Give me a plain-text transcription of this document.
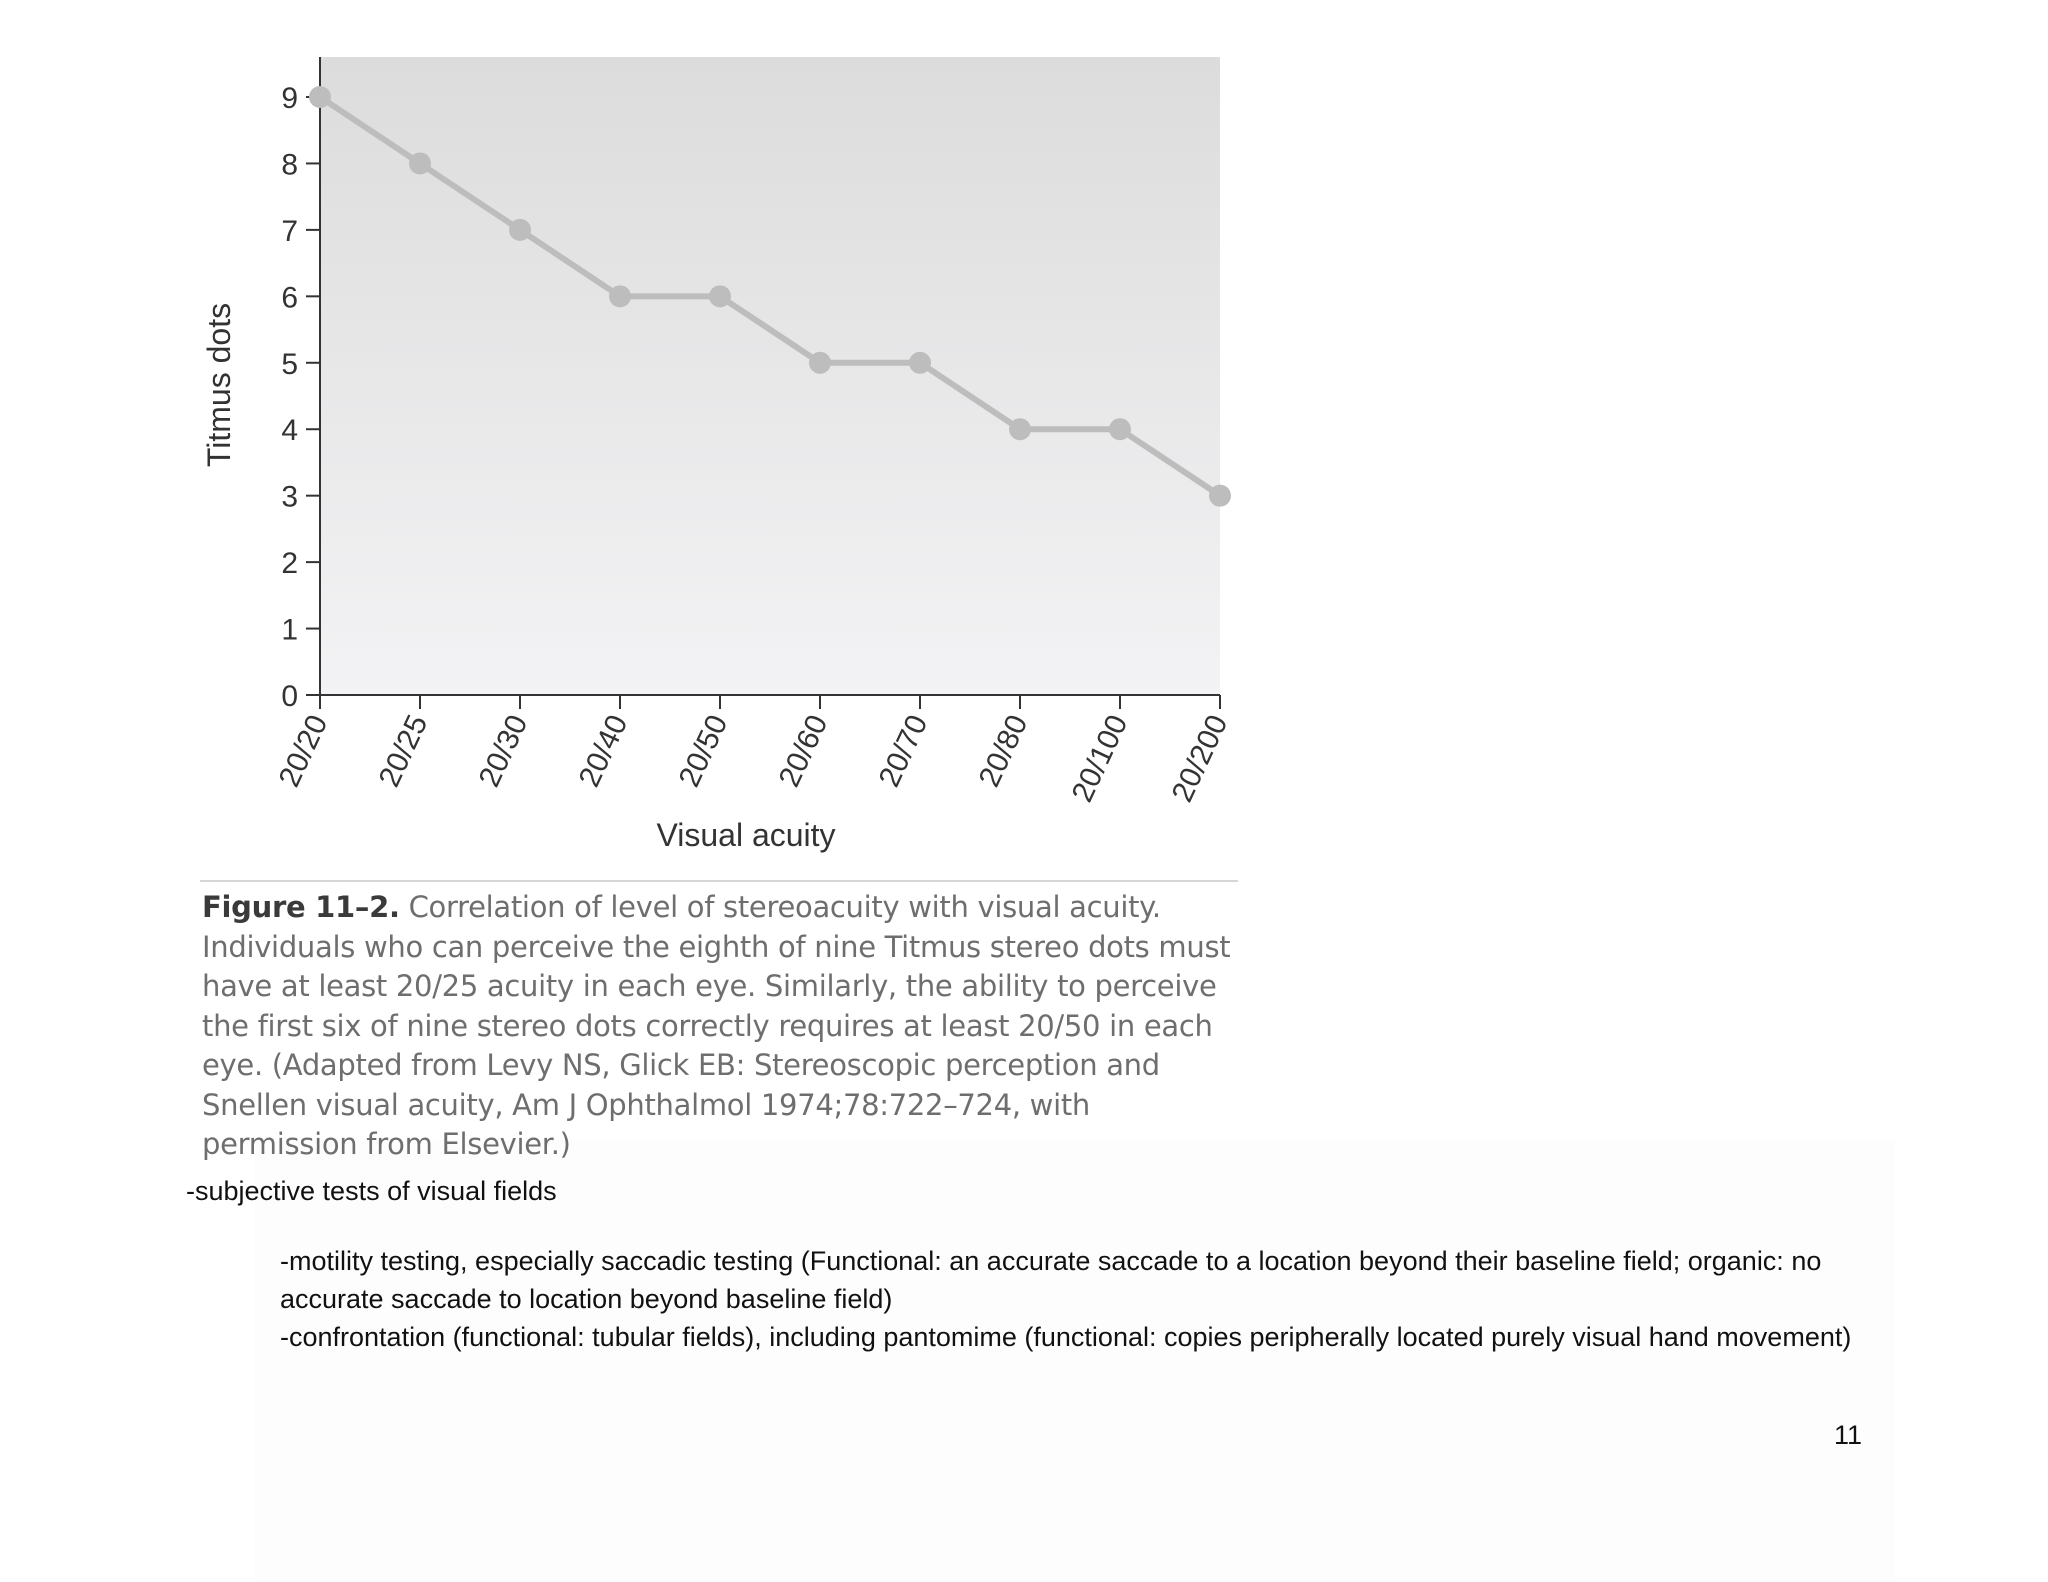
0
1
2
3
4
5
6
7
8
9
20/20 20/25 20/30 20/40 20/50 20/60 20/70 20/80 20/100 20/200
Titmus dots
Visual acuity
Figure 11–2. Correlation of level of stereoacuity with visual acuity. Individuals who can perceive the eighth of nine Titmus stereo dots must have at least 20/25 acuity in each eye. Similarly, the ability to perceive the first six of nine stereo dots correctly requires at least 20/50 in each eye. (Adapted from Levy NS, Glick EB: Stereoscopic perception and Snellen visual acuity, Am J Ophthalmol 1974;78:722–724, with permission from Elsevier.)
-subjective tests of visual fields
-motility testing, especially saccadic testing (Functional: an accurate saccade to a location beyond their baseline field; organic: no accurate saccade to location beyond baseline field)
-confrontation (functional: tubular fields), including pantomime (functional: copies peripherally located purely visual hand movement)
11
